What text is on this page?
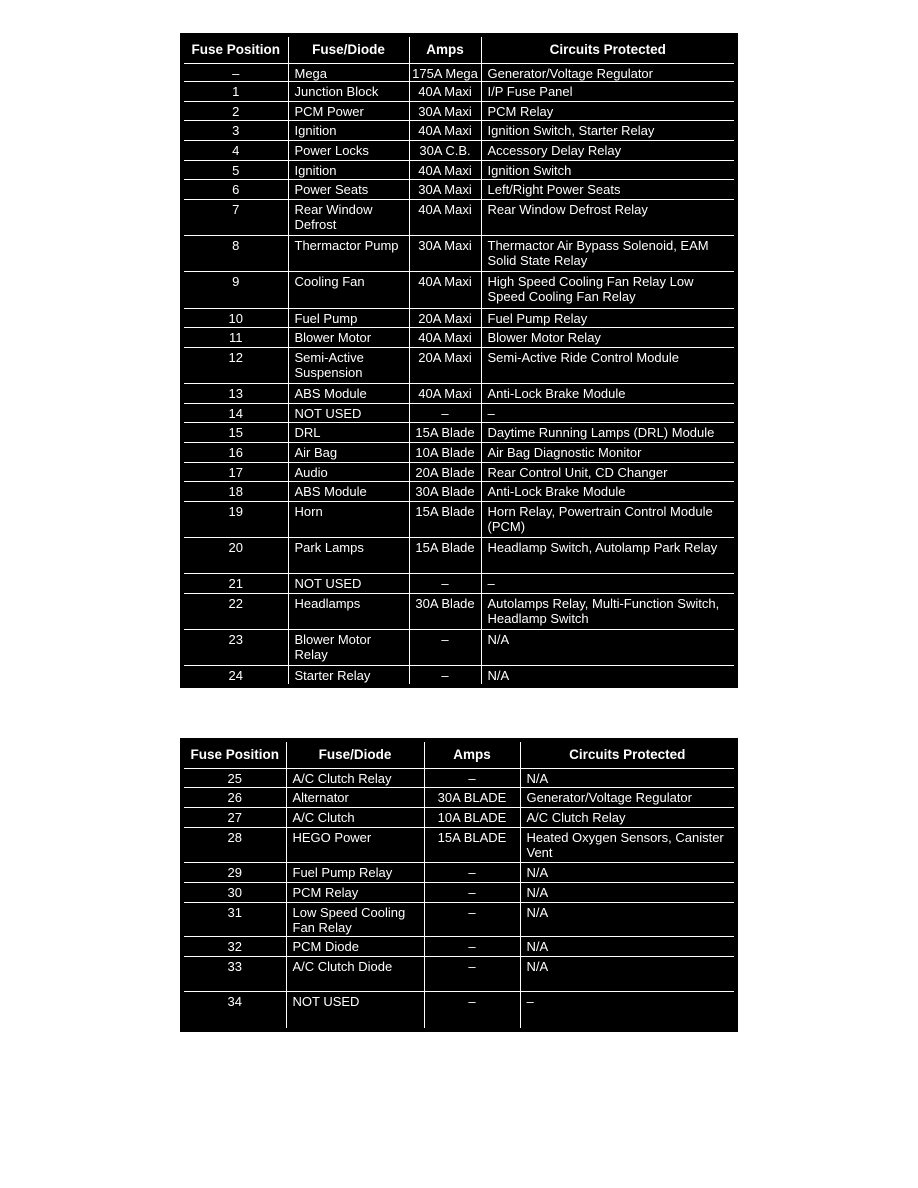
Fuse Position	Fuse/Diode	Amps	Circuits Protected

–	Mega	175A Mega	Generator/Voltage Regulator

1	Junction Block	40A Maxi	I/P Fuse Panel

2	PCM Power	30A Maxi	PCM Relay

3	Ignition	40A Maxi	Ignition Switch, Starter Relay

4	Power Locks	30A C.B.	Accessory Delay Relay

5	Ignition	40A Maxi	Ignition Switch

6	Power Seats	30A Maxi	Left/Right Power Seats

7	Rear Window Defrost	40A Maxi	Rear Window Defrost Relay

8	Thermactor Pump	30A Maxi	Thermactor Air Bypass Solenoid, EAM Solid State Relay

9	Cooling Fan	40A Maxi	High Speed Cooling Fan Relay Low Speed Cooling Fan Relay

10	Fuel Pump	20A Maxi	Fuel Pump Relay

11	Blower Motor	40A Maxi	Blower Motor Relay

12	Semi-Active Suspension	20A Maxi	Semi-Active Ride Control Module

13	ABS Module	40A Maxi	Anti-Lock Brake Module

14	NOT USED	–	–

15	DRL	15A Blade	Daytime Running Lamps (DRL) Module

16	Air Bag	10A Blade	Air Bag Diagnostic Monitor

17	Audio	20A Blade	Rear Control Unit, CD Changer

18	ABS Module	30A Blade	Anti-Lock Brake Module

19	Horn	15A Blade	Horn Relay, Powertrain Control Module (PCM)

20	Park Lamps	15A Blade	Headlamp Switch, Autolamp Park Relay

21	NOT USED	–	–

22	Headlamps	30A Blade	Autolamps Relay, Multi-Function Switch, Headlamp Switch

23	Blower Motor Relay	–	N/A

24	Starter Relay	–	N/A
Fuse Position	Fuse/Diode	Amps	Circuits Protected

25	A/C Clutch Relay	–	N/A

26	Alternator	30A BLADE	Generator/Voltage Regulator

27	A/C Clutch	10A BLADE	A/C Clutch Relay

28	HEGO Power	15A BLADE	Heated Oxygen Sensors, Canister Vent

29	Fuel Pump Relay	–	N/A

30	PCM Relay	–	N/A

31	Low Speed Cooling Fan Relay	–	N/A

32	PCM Diode	–	N/A

33	A/C Clutch Diode	–	N/A

34	NOT USED	–	–
